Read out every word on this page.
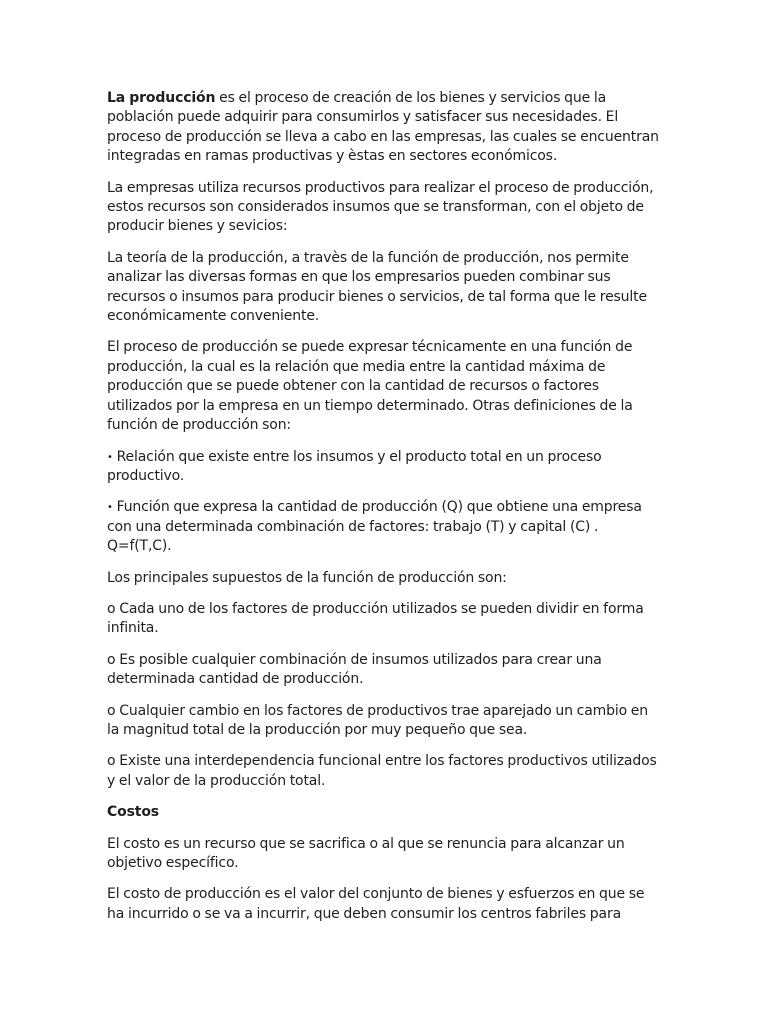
La producción es el proceso de creación de los bienes y servicios que la población puede adquirir para consumirlos y satisfacer sus necesidades. El proceso de producción se lleva a cabo en las empresas, las cuales se encuentran integradas en ramas productivas y èstas en sectores económicos.

La empresas utiliza recursos productivos para realizar el proceso de producción, estos recursos son considerados insumos que se transforman, con el objeto de producir bienes y sevicios:

La teoría de la producción, a travès de la función de producción, nos permite analizar las diversas formas en que los empresarios pueden combinar sus recursos o insumos para producir bienes o servicios, de tal forma que le resulte económicamente conveniente.

El proceso de producción se puede expresar técnicamente en una función de producción, la cual es la relación que media entre la cantidad máxima de producción que se puede obtener con la cantidad de recursos o factores utilizados por la empresa en un tiempo determinado. Otras definiciones de la función de producción son:

• Relación que existe entre los insumos y el producto total en un proceso productivo.

• Función que expresa la cantidad de producción (Q) que obtiene una empresa con una determinada combinación de factores: trabajo (T) y capital (C) . Q=f(T,C).

Los principales supuestos de la función de producción son:

o Cada uno de los factores de producción utilizados se pueden dividir en forma infinita.

o Es posible cualquier combinación de insumos utilizados para crear una determinada cantidad de producción.

o Cualquier cambio en los factores de productivos trae aparejado un cambio en la magnitud total de la producción por muy pequeño que sea.

o Existe una interdependencia funcional entre los factores productivos utilizados y el valor de la producción total.

Costos

El costo es un recurso que se sacrifica o al que se renuncia para alcanzar un objetivo específico.

El costo de producción es el valor del conjunto de bienes y esfuerzos en que se ha incurrido o se va a incurrir, que deben consumir los centros fabriles para
